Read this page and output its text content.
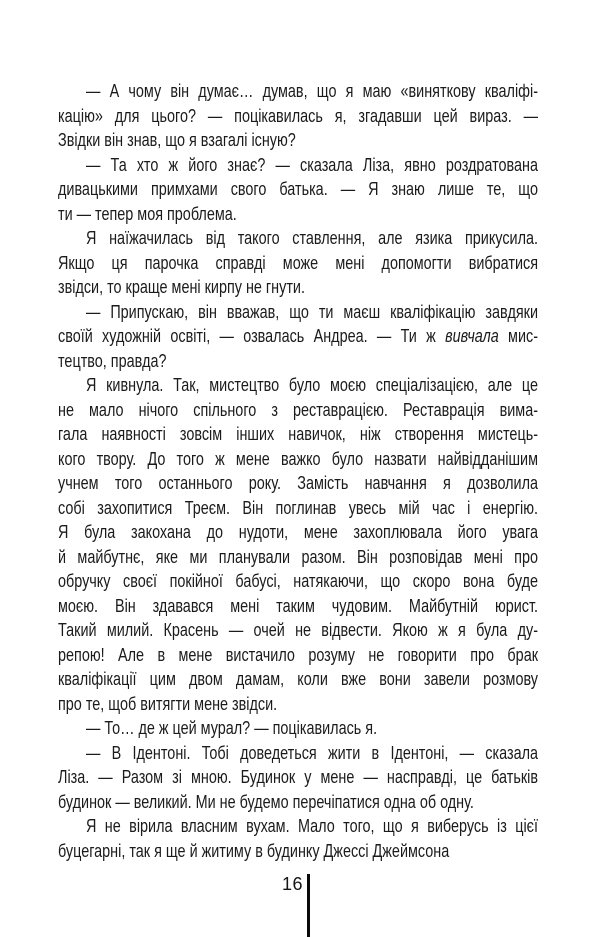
— А чому він думає… думав, що я маю «виняткову кваліфі-
кацію» для цього? — поцікавилась я, згадавши цей вираз. —
Звідки він знав, що я взагалі існую?
— Та хто ж його знає? — сказала Ліза, явно роздратована
дивацькими примхами свого батька. — Я знаю лише те, що
ти — тепер моя проблема.
Я наїжачилась від такого ставлення, але язика прикусила.
Якщо ця парочка справді може мені допомогти вибратися
звідси, то краще мені кирпу не гнути.
— Припускаю, він вважав, що ти маєш кваліфікацію завдяки
своїй художній освіті, — озвалась Андреа. — Ти ж вивчала мис-
тецтво, правда?
Я кивнула. Так, мистецтво було моєю спеціалізацією, але це
не мало нічого спільного з реставрацією. Реставрація вима-
гала наявності зовсім інших навичок, ніж створення мистець-
кого твору. До того ж мене важко було назвати найвідданішим
учнем того останнього року. Замість навчання я дозволила
собі захопитися Треєм. Він поглинав увесь мій час і енергію.
Я була закохана до нудоти, мене захоплювала його увага
й майбутнє, яке ми планували разом. Він розповідав мені про
обручку своєї покійної бабусі, натякаючи, що скоро вона буде
моєю. Він здавався мені таким чудовим. Майбутній юрист.
Такий милий. Красень — очей не відвести. Якою ж я була ду-
репою! Але в мене вистачило розуму не говорити про брак
кваліфікації цим двом дамам, коли вже вони завели розмову
про те, щоб витягти мене звідси.
— То… де ж цей мурал? — поцікавилась я.
— В Ідентоні. Тобі доведеться жити в Ідентоні, — сказала
Ліза. — Разом зі мною. Будинок у мене — насправді, це батьків
будинок — великий. Ми не будемо перечіпатися одна об одну.
Я не вірила власним вухам. Мало того, що я виберусь із цієї
буцегарні, так я ще й житиму в будинку Джессі Джеймсона
16
